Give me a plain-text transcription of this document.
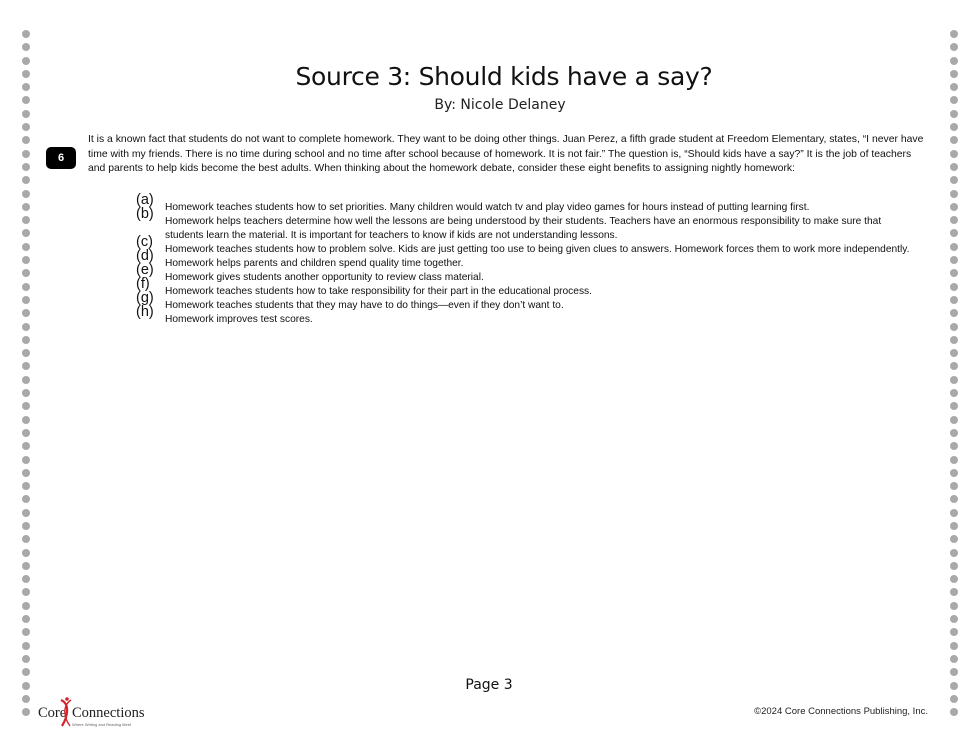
Source 3: Should kids have a say?
By: Nicole Delaney
6
It is a known fact that students do not want to complete homework. They want to be doing other things. Juan Perez, a fifth grade student at Freedom Elementary, states, “I never have time with my friends. There is no time during school and no time after school because of homework. It is not fair.” The question is, “Should kids have a say?” It is the job of teachers and parents to help kids become the best adults. When thinking about the homework debate, consider these eight benefits to assigning nightly homework:
(a) Homework teaches students how to set priorities. Many children would watch tv and play video games for hours instead of putting learning first.
(b) Homework helps teachers determine how well the lessons are being understood by their students. Teachers have an enormous responsibility to make sure that students learn the material. It is important for teachers to know if kids are not understanding lessons.
(c) Homework teaches students how to problem solve. Kids are just getting too use to being given clues to answers. Homework forces them to work more independently.
(d) Homework helps parents and children spend quality time together.
(e) Homework gives students another opportunity to review class material.
(f) Homework teaches students how to take responsibility for their part in the educational process.
(g) Homework teaches students that they may have to do things—even if they don’t want to.
(h) Homework improves test scores.
Page 3
Core Connections
Where Writing and Reading Meet
©2024 Core Connections Publishing, Inc.
